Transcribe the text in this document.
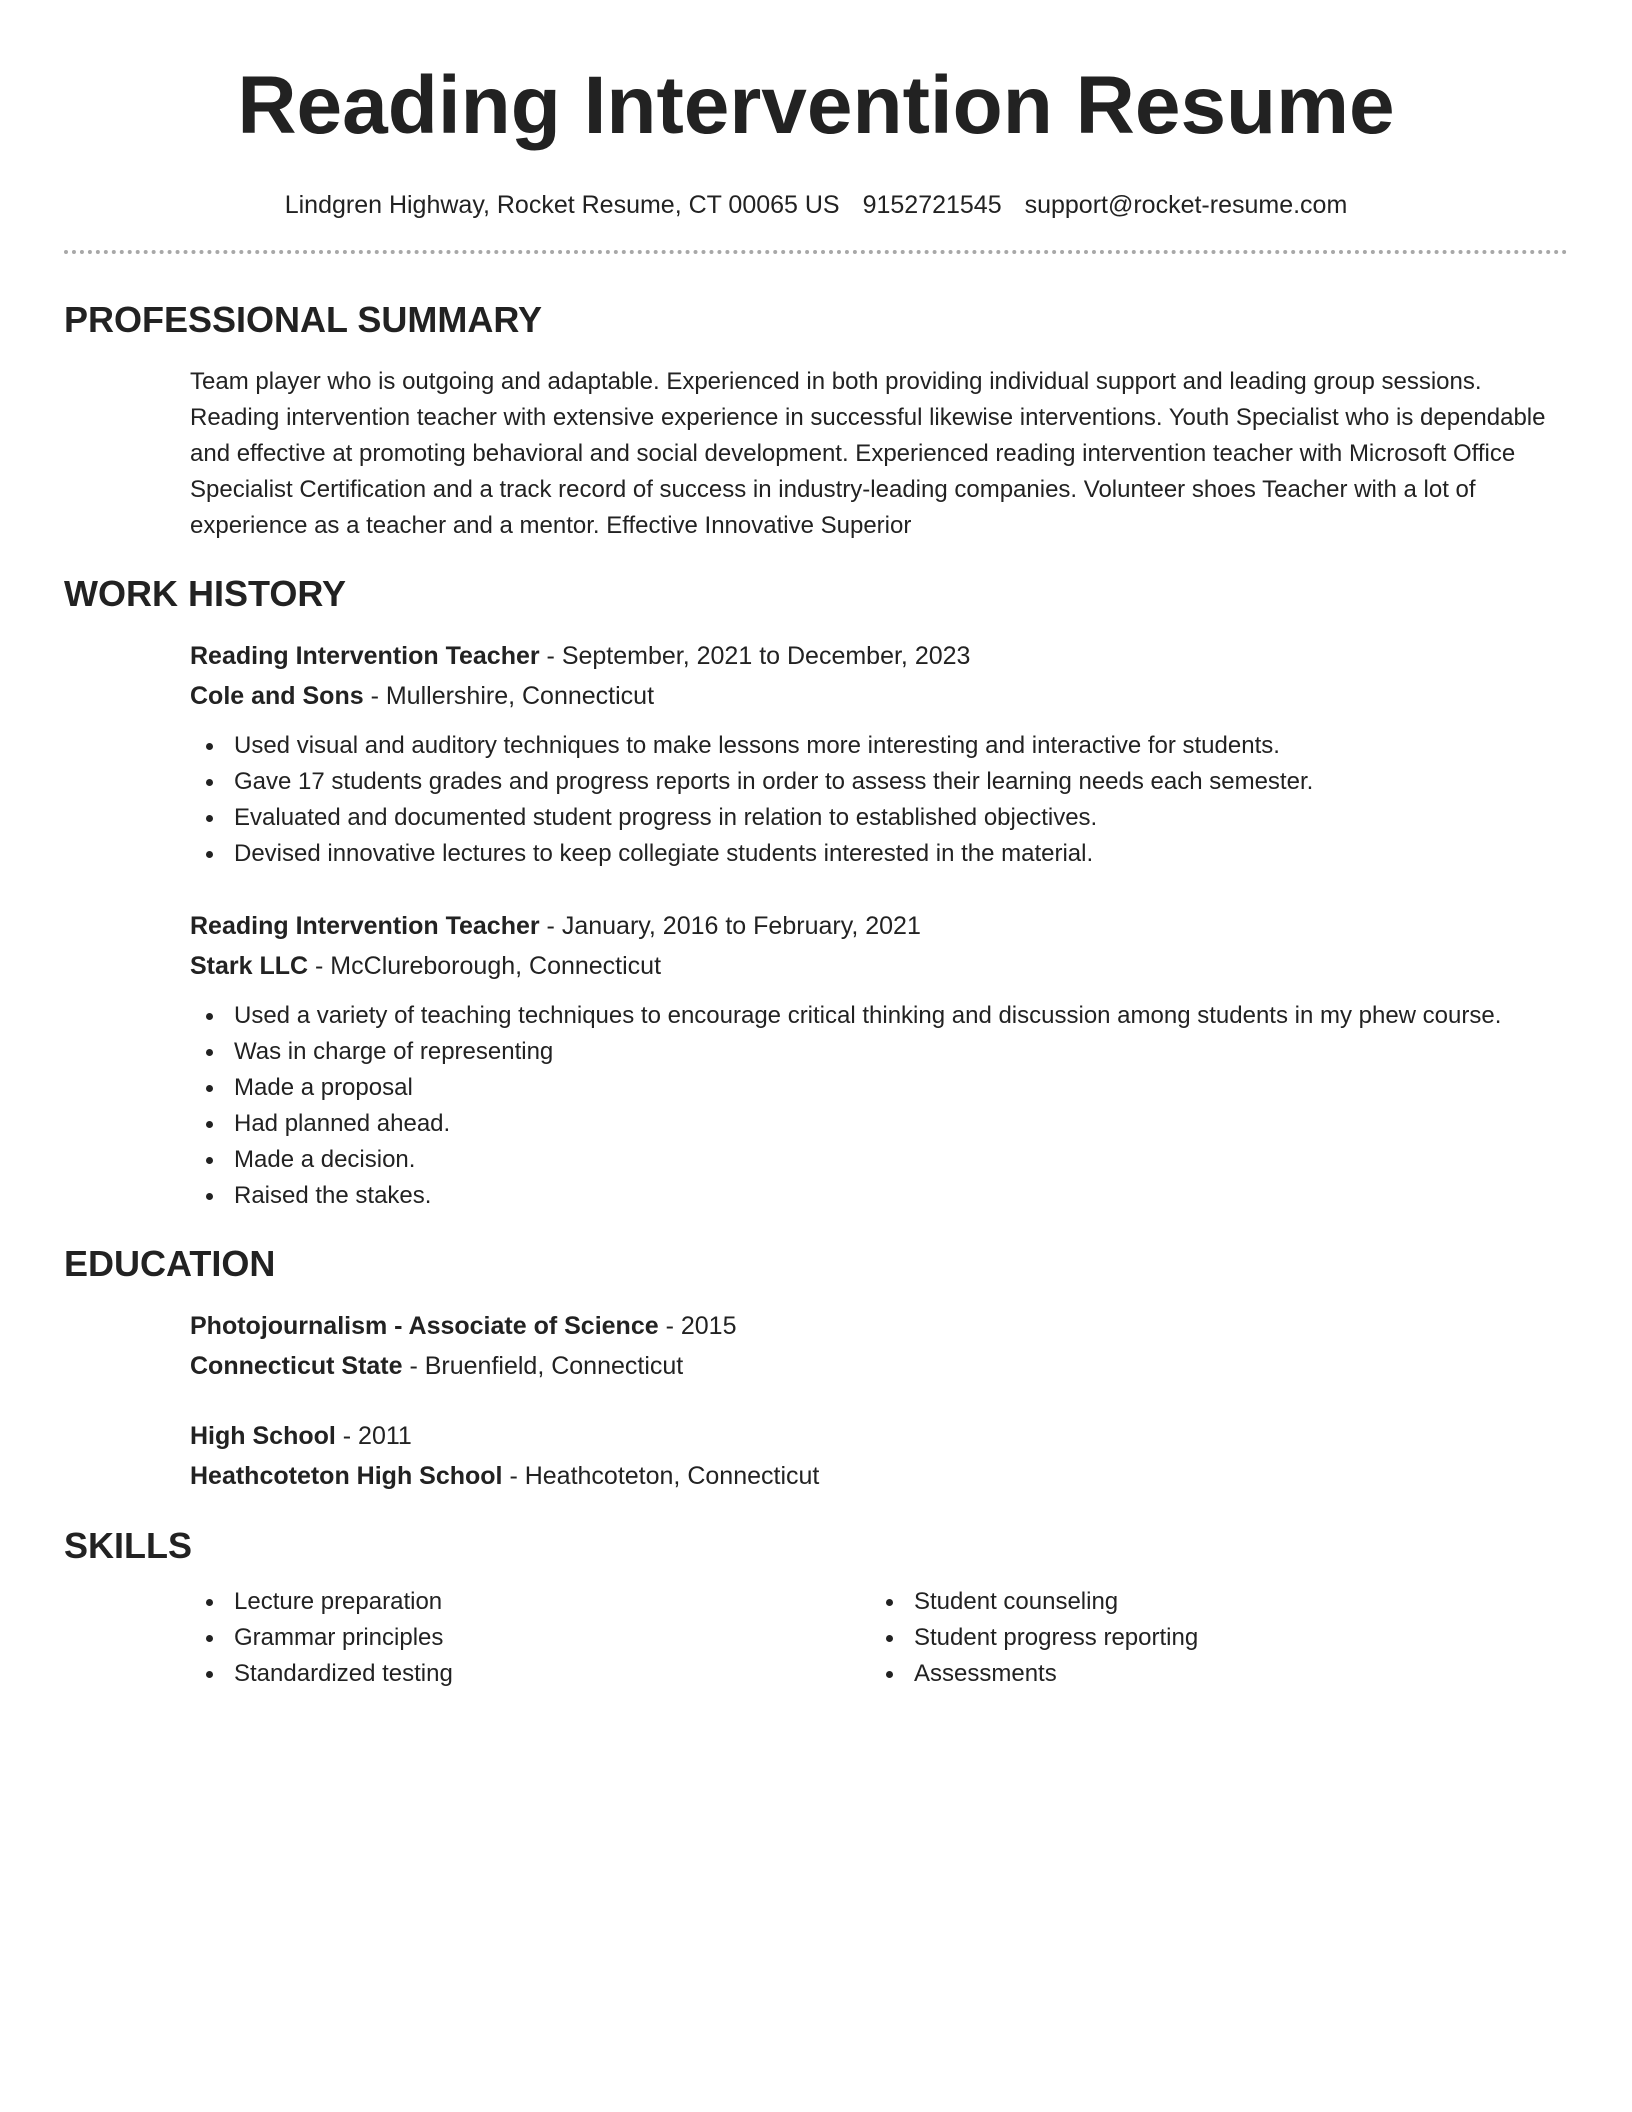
Reading Intervention Resume
Lindgren Highway, Rocket Resume, CT 00065 US 9152721545 support@rocket-resume.com
PROFESSIONAL SUMMARY

Team player who is outgoing and adaptable. Experienced in both providing individual support and leading group sessions. Reading intervention teacher with extensive experience in successful likewise interventions. Youth Specialist who is dependable and effective at promoting behavioral and social development. Experienced reading intervention teacher with Microsoft Office Specialist Certification and a track record of success in industry-leading companies. Volunteer shoes Teacher with a lot of experience as a teacher and a mentor. Effective Innovative Superior

WORK HISTORY
Reading Intervention Teacher - September, 2021 to December, 2023
Cole and Sons - Mullershire, Connecticut
Used visual and auditory techniques to make lessons more interesting and interactive for students.
Gave 17 students grades and progress reports in order to assess their learning needs each semester.
Evaluated and documented student progress in relation to established objectives.
Devised innovative lectures to keep collegiate students interested in the material.
Reading Intervention Teacher - January, 2016 to February, 2021
Stark LLC - McClureborough, Connecticut
Used a variety of teaching techniques to encourage critical thinking and discussion among students in my phew course.
Was in charge of representing
Made a proposal
Had planned ahead.
Made a decision.
Raised the stakes.
EDUCATION
Photojournalism - Associate of Science - 2015
Connecticut State - Bruenfield, Connecticut
High School - 2011
Heathcoteton High School - Heathcoteton, Connecticut
SKILLS
Lecture preparation
Grammar principles
Standardized testing
Student counseling
Student progress reporting
Assessments
